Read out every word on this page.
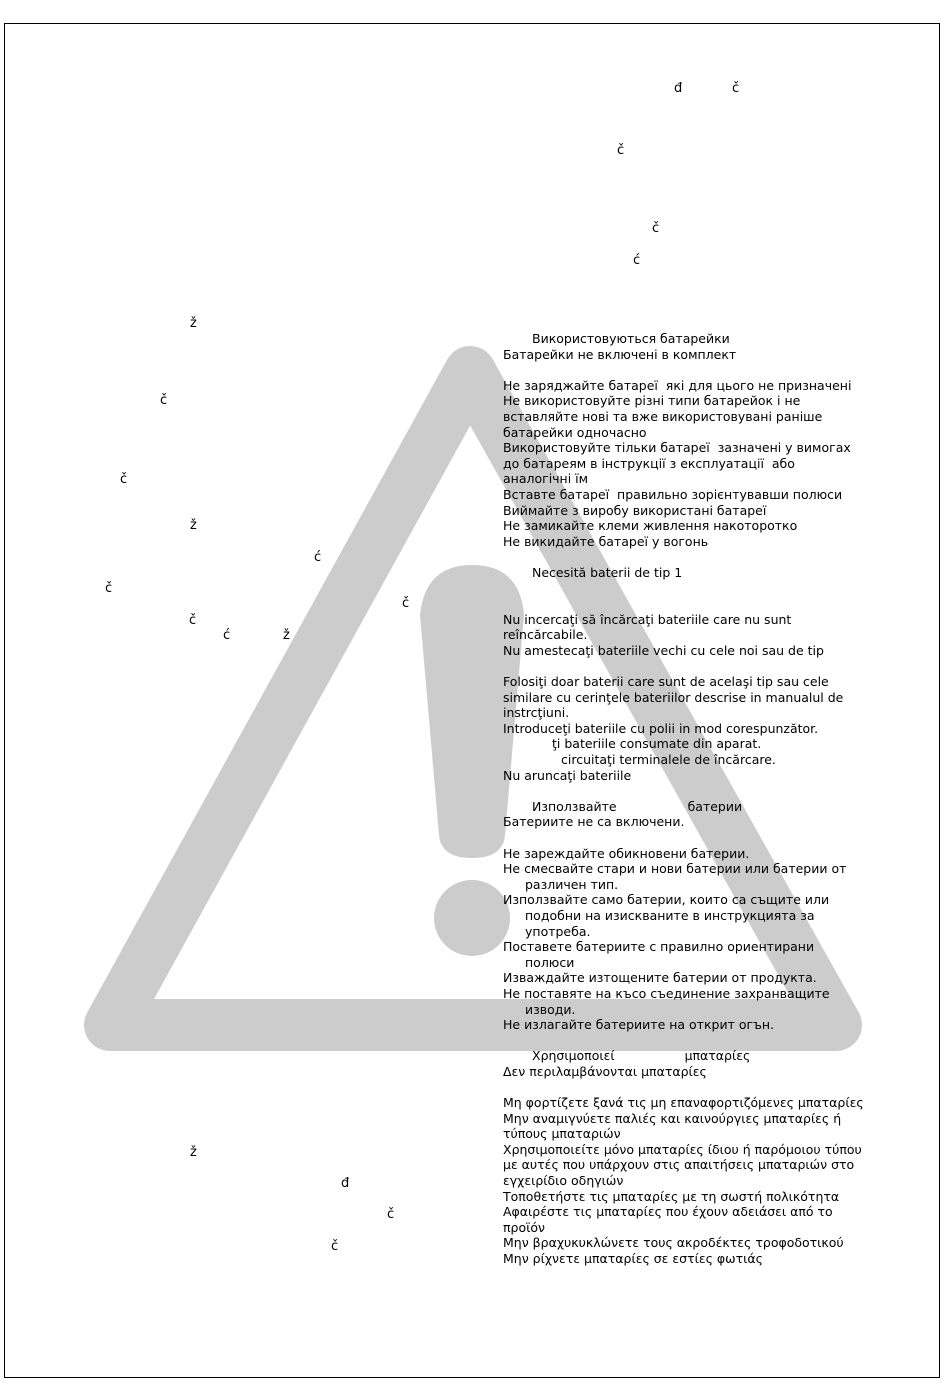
đ	č
č
č
ć
ž
č
č
ž
ć
č
č
č
ć	ž
ž
đ
č
č
Використовуються батарейки
Батарейки не включені в комплект
Не заряджайте батареї  які для цього не призначені
Не використовуйте різні типи батарейок і не
вставляйте нові та вже використовувані раніше
батарейки одночасно
Використовуйте тільки батареї  зазначені у вимогах
до батареям в інструкції з експлуатації  або
аналогічні їм
Вставте батареї  правильно зорієнтувавши полюси
Виймайте з виробу використані батареї
Не замикайте клеми живлення накоторотко
Не викидайте батареї у вогонь
Necesită baterii de tip 1
Nu incercaţi să încărcaţi bateriile care nu sunt
reîncărcabile.
Nu amestecaţi bateriile vechi cu cele noi sau de tip
Folosiţi doar baterii care sunt de acelaşi tip sau cele
similare cu cerinţele bateriilor descrise in manualul de
instrcţiuni.
Introduceţi bateriile cu polii in mod corespunzător.
ţi bateriile consumate din aparat.
circuitaţi terminalele de încărcare.
Nu aruncaţi bateriile
Използвайте	батерии
Батериите не са включени.
Не зареждайте обикновени батерии.
Не смесвайте стари и нови батерии или батерии от
различен тип.
Използвайте само батерии, които са същите или
подобни на изискваните в инструкцията за
употреба.
Поставете батериите с правилно ориентирани
полюси
Изваждайте изтощените батерии от продукта.
Не поставяте на късо съединение захранващите
изводи.
Не излагайте батериите на открит огън.
Χρησιμοποιεί	μπαταρίες
Δεν περιλαμβάνονται μπαταρίες
Μη φορτίζετε ξανά τις μη επαναφορτιζόμενες μπαταρίες
Μην αναμιγνύετε παλιές και καινούργιες μπαταρίες ή
τύπους μπαταριών
Χρησιμοποιείτε μόνο μπαταρίες ίδιου ή παρόμοιου τύπου
με αυτές που υπάρχουν στις απαιτήσεις μπαταριών στο
εγχειρίδιο οδηγιών
Τοποθετήστε τις μπαταρίες με τη σωστή πολικότητα
Αφαιρέστε τις μπαταρίες που έχουν αδειάσει από το
προϊόν
Μην βραχυκυκλώνετε τους ακροδέκτες τροφοδοτικού
Μην ρίχνετε μπαταρίες σε εστίες φωτιάς
